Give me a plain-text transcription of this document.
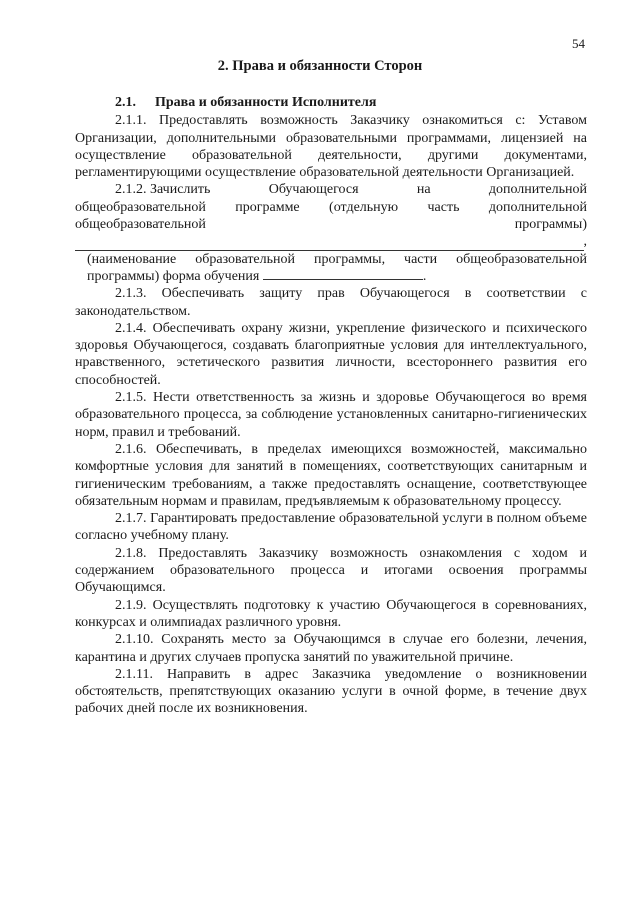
54
2. Права и обязанности Сторон
2.1. Права и обязанности Исполнителя

2.1.1. Предоставлять возможность Заказчику ознакомиться с: Уставом Организации, дополнительными образовательными программами, лицензией на осуществление образовательной деятельности, другими документами, регламентирующими осуществление образовательной деятельности Организацией.

2.1.2. Зачислить	Обучающегося	на	дополнительной
общеобразовательной программе (отдельную часть дополнительной
общеобразовательной	программы)
,

(наименование образовательной программы, части общеобразовательной программы) форма обучения	.

2.1.3. Обеспечивать защиту прав Обучающегося в соответствии с законодательством.

2.1.4. Обеспечивать охрану жизни, укрепление физического и психического здоровья Обучающегося, создавать благоприятные условия для интеллектуального, нравственного, эстетического развития личности, всестороннего развития его способностей.

2.1.5. Нести ответственность за жизнь и здоровье Обучающегося во время образовательного процесса, за соблюдение установленных санитарно-гигиенических норм, правил и требований.

2.1.6. Обеспечивать, в пределах имеющихся возможностей, максимально комфортные условия для занятий в помещениях, соответствующих санитарным и гигиеническим требованиям, а также предоставлять оснащение, соответствующее обязательным нормам и правилам, предъявляемым к образовательному процессу.

2.1.7. Гарантировать предоставление образовательной услуги в полном объеме согласно учебному плану.

2.1.8. Предоставлять Заказчику возможность ознакомления с ходом и содержанием образовательного процесса и итогами освоения программы Обучающимся.

2.1.9. Осуществлять подготовку к участию Обучающегося в соревнованиях, конкурсах и олимпиадах различного уровня.

2.1.10. Сохранять место за Обучающимся в случае его болезни, лечения, карантина и других случаев пропуска занятий по уважительной причине.

2.1.11. Направить в адрес Заказчика уведомление о возникновении обстоятельств, препятствующих оказанию услуги в очной форме, в течение двух рабочих дней после их возникновения.
